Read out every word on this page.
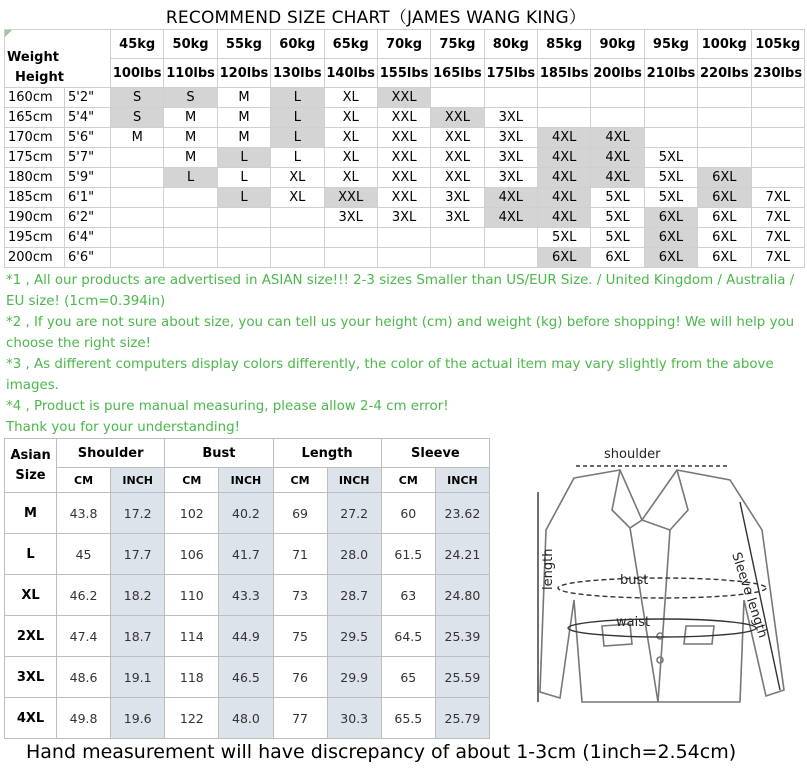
RECOMMEND SIZE CHART（JAMES WANG KING）
Weight
Height		45kg	50kg	55kg	60kg	65kg	70kg	75kg	80kg	85kg	90kg	95kg	100kg	105kg
		100lbs	110lbs	120lbs	130lbs	140lbs	155lbs	165lbs	175lbs	185lbs	200lbs	210lbs	220lbs	230lbs
160cm	5'2"	S	S	M	L	XL	XXL							
165cm	5'4"	S	M	M	L	XL	XXL	XXL	3XL					
170cm	5'6"	M	M	M	L	XL	XXL	XXL	3XL	4XL	4XL			
175cm	5'7"		M	L	L	XL	XXL	XXL	3XL	4XL	4XL	5XL		
180cm	5'9"		L	L	XL	XL	XXL	XXL	3XL	4XL	4XL	5XL	6XL	
185cm	6'1"			L	XL	XXL	XXL	3XL	4XL	4XL	5XL	5XL	6XL	7XL
190cm	6'2"					3XL	3XL	3XL	4XL	4XL	5XL	6XL	6XL	7XL
195cm	6'4"									5XL	5XL	6XL	6XL	7XL
200cm	6'6"									6XL	6XL	6XL	6XL	7XL

*1 , All our products are advertised in ASIAN size!!! 2-3 sizes Smaller than US/EUR Size. / United Kingdom / Australia / EU size! (1cm=0.394in)

*2 , If you are not sure about size, you can tell us your height (cm) and weight (kg) before shopping! We will help you choose the right size!

*3 , As different computers display colors differently, the color of the actual item may vary slightly from the above images.

*4 , Product is pure manual measuring, please allow 2-4 cm error!

Thank you for your understanding!

Asian Size	Shoulder		Bust		Length		Sleeve	
	CM	INCH	CM	INCH	CM	INCH	CM	INCH
M	43.8	17.2	102	40.2	69	27.2	60	23.62
L	45	17.7	106	41.7	71	28.0	61.5	24.21
XL	46.2	18.2	110	43.3	73	28.7	63	24.80
2XL	47.4	18.7	114	44.9	75	29.5	64.5	25.39
3XL	48.6	19.1	118	46.5	76	29.9	65	25.59
4XL	49.8	19.6	122	48.0	77	30.3	65.5	25.79
shoulder
length	bust
waist	Sleeve length
Hand measurement will have discrepancy of about 1-3cm (1inch=2.54cm)
